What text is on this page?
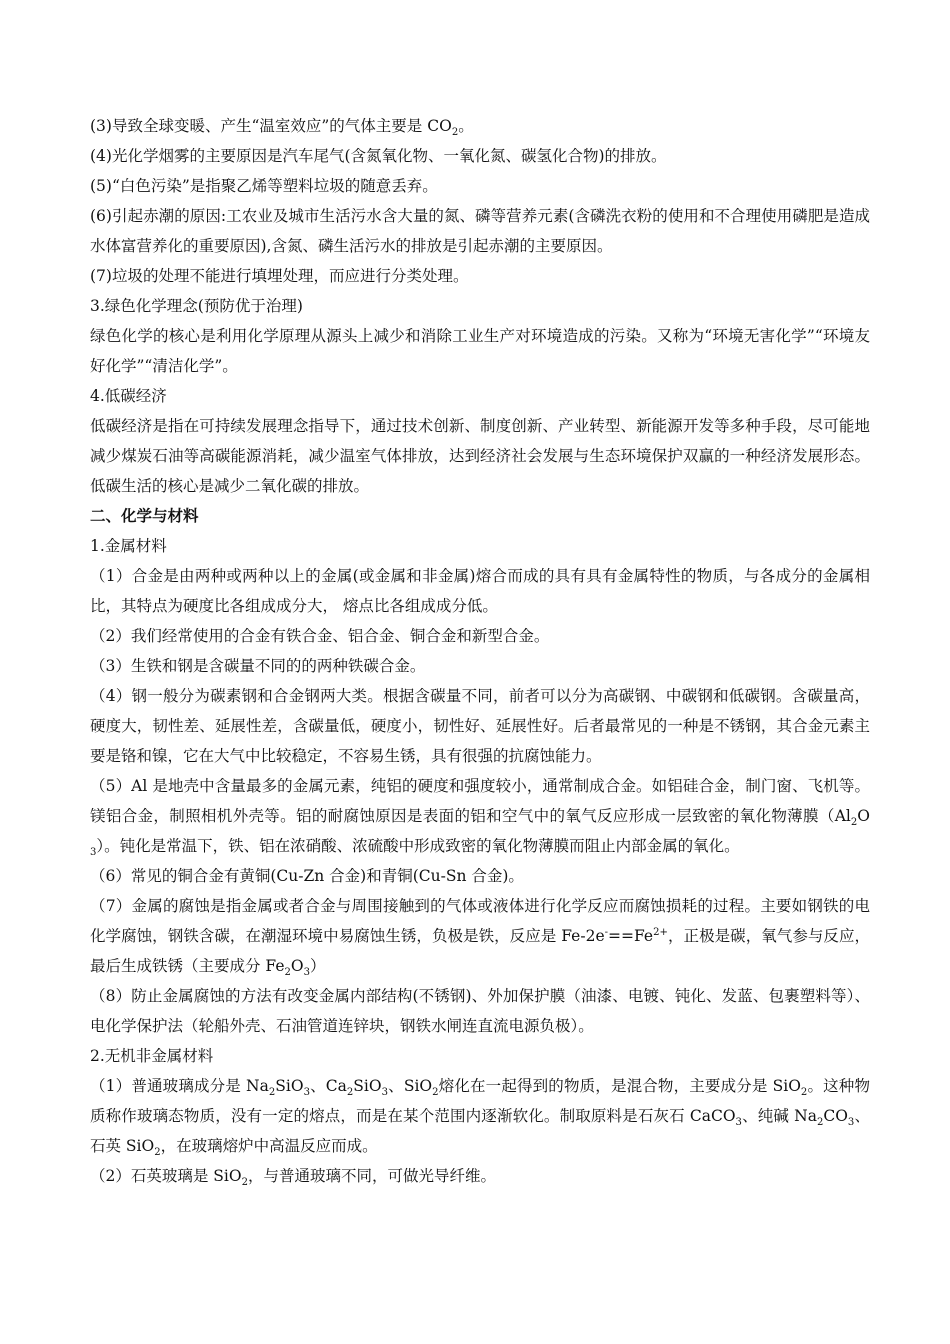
(3)导致全球变暖、产生“温室效应”的气体主要是 $CO_2$。

(4)光化学烟雾的主要原因是汽车尾气(含氮氧化物、一氧化氮、碳氢化合物)的排放。

(5)“白色污染”是指聚乙烯等塑料垃圾的随意丢弃。

(6)引起赤潮的原因:工农业及城市生活污水含大量的氮、磷等营养元素(含磷洗衣粉的使用和不合理使用磷肥是造成水体富营养化的重要原因),含氮、磷生活污水的排放是引起赤潮的主要原因。

(7)垃圾的处理不能进行填埋处理，而应进行分类处理。

3.绿色化学理念(预防优于治理)

绿色化学的核心是利用化学原理从源头上减少和消除工业生产对环境造成的污染。又称为“环境无害化学”“环境友好化学”“清洁化学”。

4.低碳经济

低碳经济是指在可持续发展理念指导下，通过技术创新、制度创新、产业转型、新能源开发等多种手段，尽可能地减少煤炭石油等高碳能源消耗，减少温室气体排放，达到经济社会发展与生态环境保护双赢的一种经济发展形态。低碳生活的核心是减少二氧化碳的排放。

二、化学与材料

1.金属材料

（1）合金是由两种或两种以上的金属(或金属和非金属)熔合而成的具有具有金属特性的物质，与各成分的金属相比，其特点为硬度比各组成成分大， 熔点比各组成成分低。

（2）我们经常使用的合金有铁合金、铝合金、铜合金和新型合金。

（3）生铁和钢是含碳量不同的的两种铁碳合金。

（4）钢一般分为碳素钢和合金钢两大类。根据含碳量不同，前者可以分为高碳钢、中碳钢和低碳钢。含碳量高，硬度大，韧性差、延展性差，含碳量低，硬度小，韧性好、延展性好。后者最常见的一种是不锈钢，其合金元素主要是铬和镍，它在大气中比较稳定，不容易生锈，具有很强的抗腐蚀能力。

（5）Al 是地壳中含量最多的金属元素，纯铝的硬度和强度较小，通常制成合金。如铝硅合金，制门窗、飞机等。镁铝合金，制照相机外壳等。铝的耐腐蚀原因是表面的铝和空气中的氧气反应形成一层致密的氧化物薄膜$(Al_2O_3)$。钝化是常温下，铁、铝在浓硝酸、浓硫酸中形成致密的氧化物薄膜而阻止内部金属的氧化。

（6）常见的铜合金有黄铜(Cu-Zn 合金)和青铜(Cu-Sn 合金)。

（7）金属的腐蚀是指金属或者合金与周围接触到的气体或液体进行化学反应而腐蚀损耗的过程。主要如钢铁的电化学腐蚀，钢铁含碳，在潮湿环境中易腐蚀生锈，负极是铁，反应是 $Fe-2e^-==Fe^{2+}$，正极是碳，氧气参与反应，最后生成铁锈（主要成分 $Fe_2O_3$）

（8）防止金属腐蚀的方法有改变金属内部结构(不锈钢)、外加保护膜（油漆、电镀、钝化、发蓝、包裹塑料等）、电化学保护法（轮船外壳、石油管道连锌块，钢铁水闸连直流电源负极）。

2.无机非金属材料

（1）普通玻璃成分是 $Na_2SiO_3$、$Ca_2SiO_3$、SiO$_2$熔化在一起得到的物质，是混合物，主要成分是 SiO$_2$。这种物质称作玻璃态物质，没有一定的熔点，而是在某个范围内逐渐软化。制取原料是石灰石 CaCO$_3$、纯碱 $Na_2CO_3$、石英 SiO$_2$，在玻璃熔炉中高温反应而成。

（2）石英玻璃是 SiO$_2$，与普通玻璃不同，可做光导纤维。
